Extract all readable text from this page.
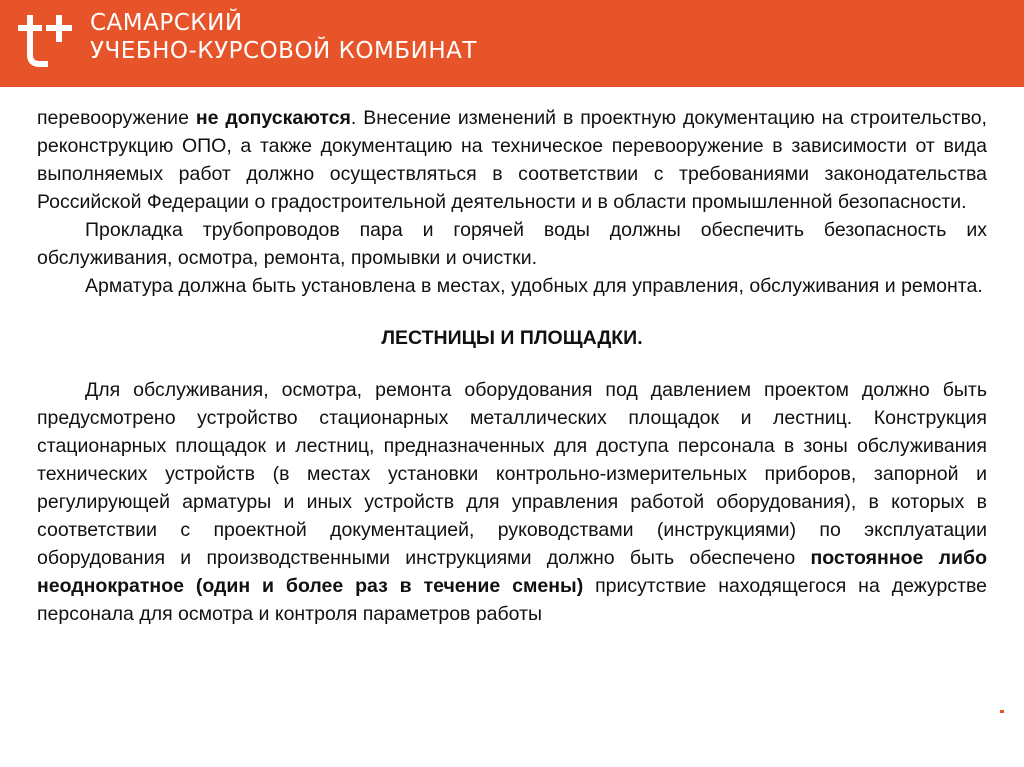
САМАРСКИЙ
УЧЕБНО-КУРСОВОЙ КОМБИНАТ

перевооружение не допускаются. Внесение изменений в проектную документацию на строительство, реконструкцию ОПО, а также документацию на техническое перевооружение в зависимости от вида выполняемых работ должно осуществляться в соответствии с требованиями законодательства Российской Федерации о градостроительной деятельности и в области промышленной безопасности.

Прокладка трубопроводов пара и горячей воды должны обеспечить безопасность их обслуживания, осмотра, ремонта, промывки и очистки.

Арматура должна быть установлена в местах, удобных для управления, обслуживания и ремонта.

ЛЕСТНИЦЫ И ПЛОЩАДКИ.

Для обслуживания, осмотра, ремонта оборудования под давлением проектом должно быть предусмотрено устройство стационарных металлических площадок и лестниц. Конструкция стационарных площадок и лестниц, предназначенных для доступа персонала в зоны обслуживания технических устройств (в местах установки контрольно-измерительных приборов, запорной и регулирующей арматуры и иных устройств для управления работой оборудования), в которых в соответствии с проектной документацией, руководствами (инструкциями) по эксплуатации оборудования и производственными инструкциями должно быть обеспечено постоянное либо неоднократное (один и более раз в течение смены) присутствие находящегося на дежурстве персонала для осмотра и контроля параметров работы
